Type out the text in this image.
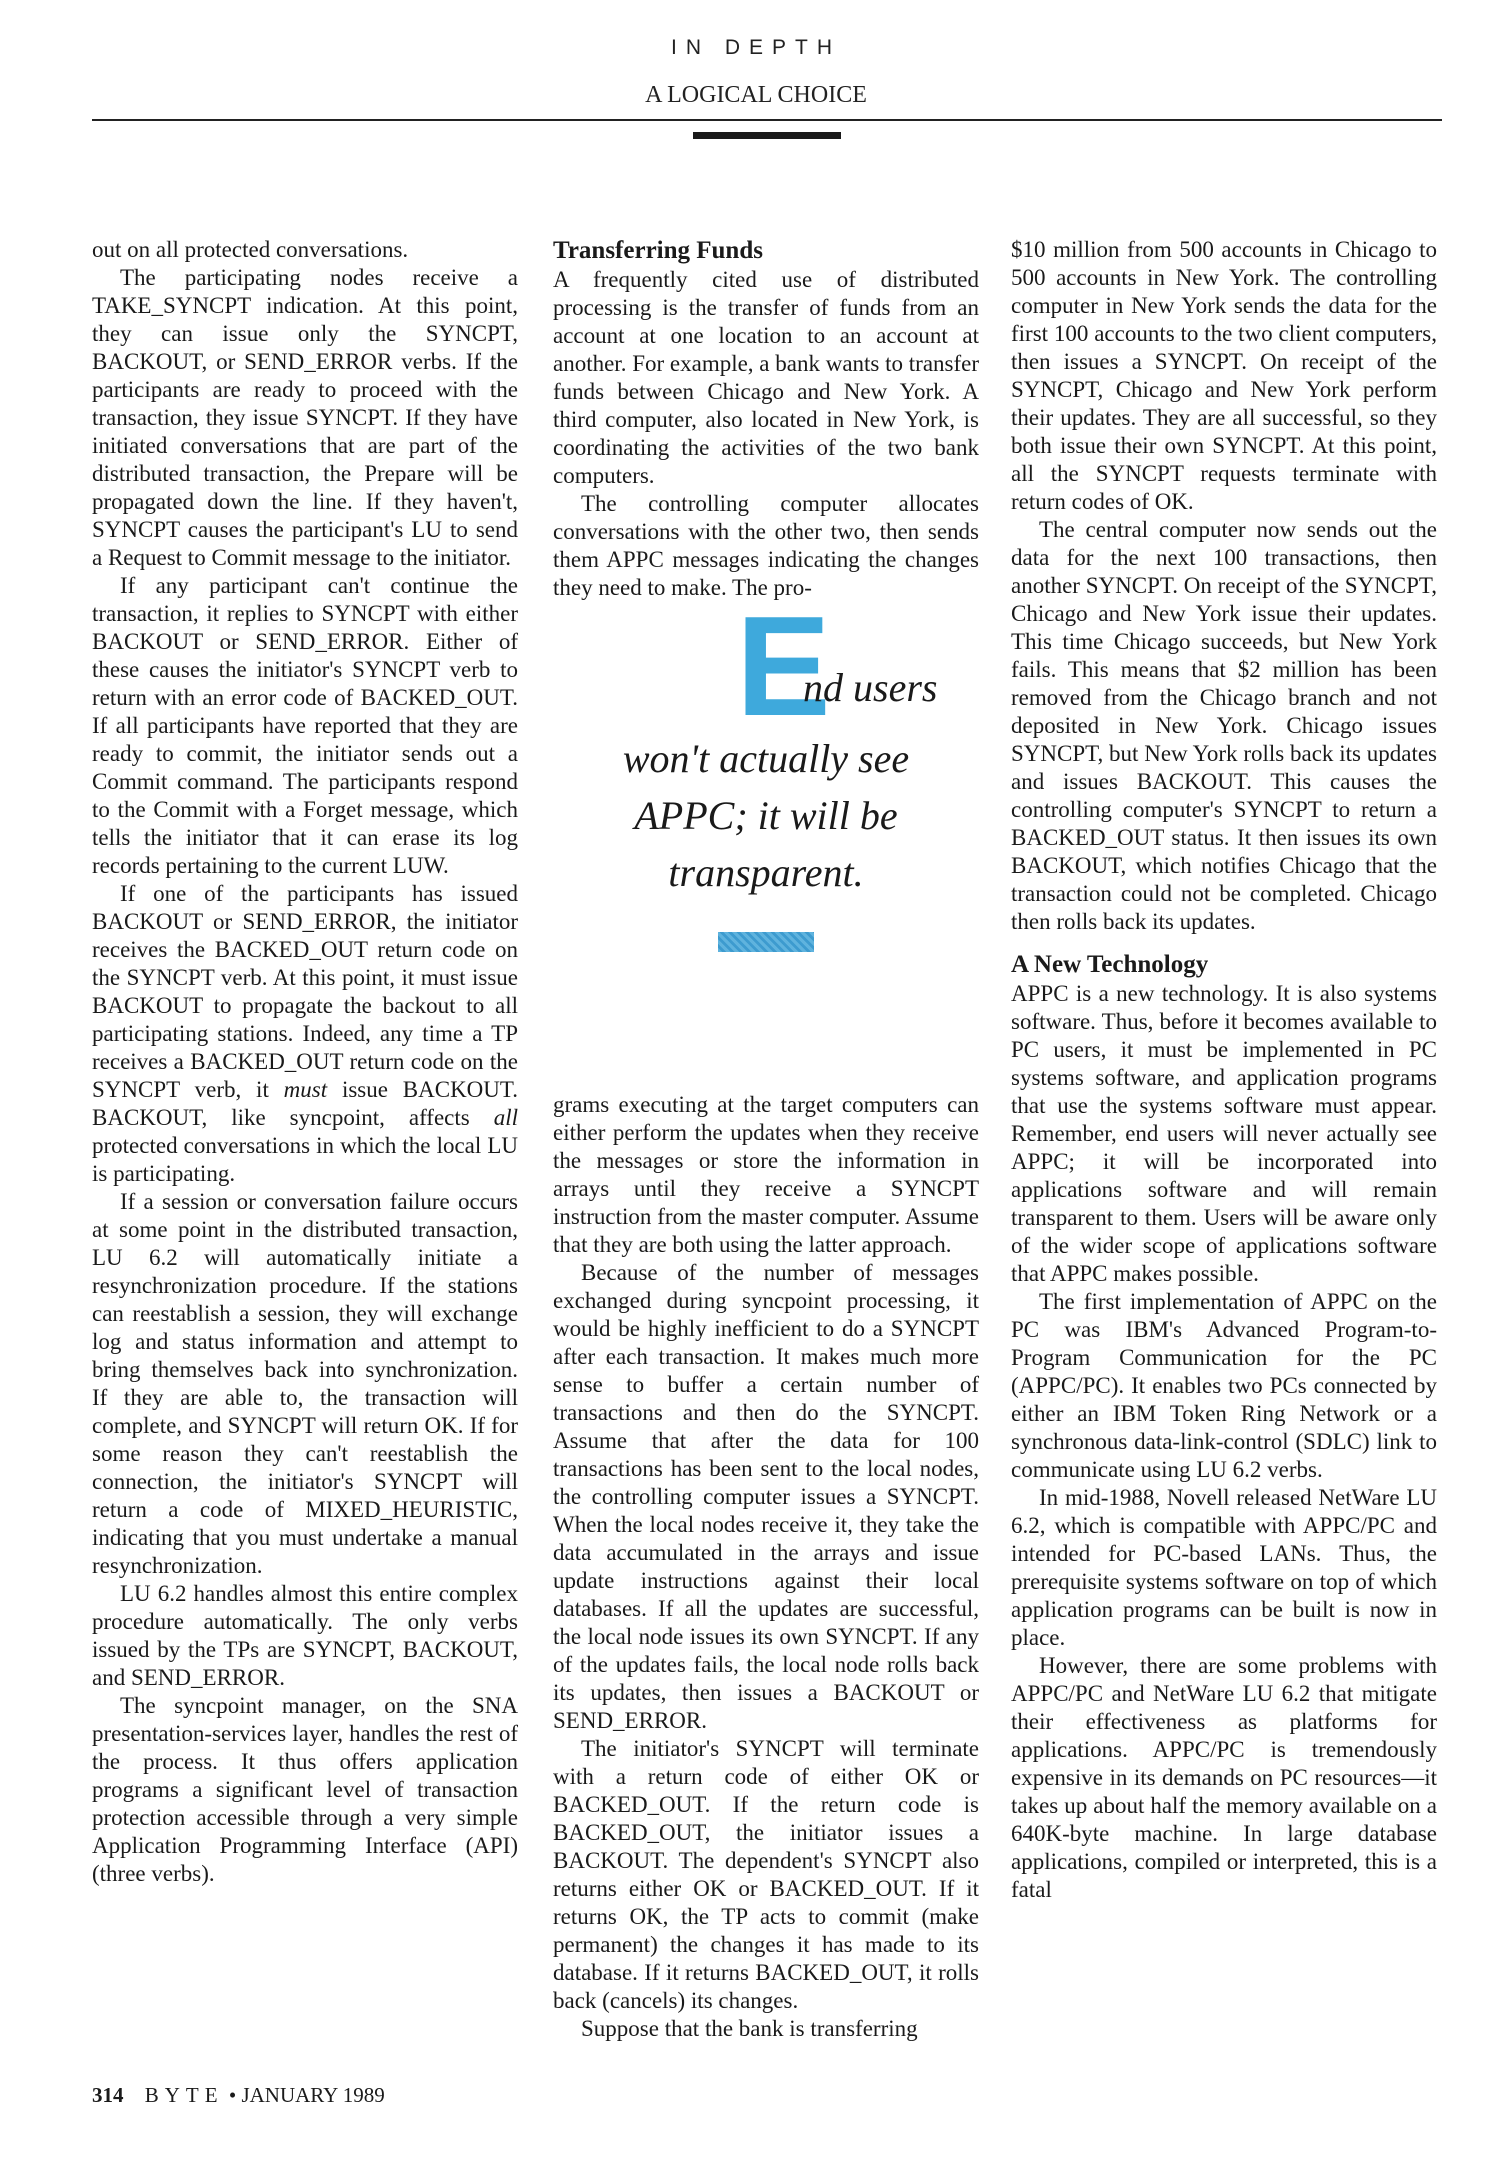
IN DEPTH
A LOGICAL CHOICE

out on all protected conversations.

The participating nodes receive a TAKE_SYNCPT indication. At this point, they can issue only the SYNCPT, BACKOUT, or SEND_ERROR verbs. If the participants are ready to proceed with the transaction, they issue SYNCPT. If they have initiated conversations that are part of the distributed transaction, the Prepare will be propagated down the line. If they haven't, SYNCPT causes the participant's LU to send a Request to Commit message to the initiator.

If any participant can't continue the transaction, it replies to SYNCPT with either BACKOUT or SEND_ERROR. Either of these causes the initiator's SYNCPT verb to return with an error code of BACKED_OUT. If all participants have reported that they are ready to commit, the initiator sends out a Commit command. The participants respond to the Commit with a Forget message, which tells the initiator that it can erase its log records pertaining to the current LUW.

If one of the participants has issued BACKOUT or SEND_ERROR, the initiator receives the BACKED_OUT return code on the SYNCPT verb. At this point, it must issue BACKOUT to propagate the backout to all participating stations. Indeed, any time a TP receives a BACKED_OUT return code on the SYNCPT verb, it must issue BACKOUT. BACKOUT, like syncpoint, affects all protected conversations in which the local LU is participating.

If a session or conversation failure occurs at some point in the distributed transaction, LU 6.2 will automatically initiate a resynchronization procedure. If the stations can reestablish a session, they will exchange log and status information and attempt to bring themselves back into synchronization. If they are able to, the transaction will complete, and SYNCPT will return OK. If for some reason they can't reestablish the connection, the initiator's SYNCPT will return a code of MIXED_HEURISTIC, indicating that you must undertake a manual resynchronization.

LU 6.2 handles almost this entire complex procedure automatically. The only verbs issued by the TPs are SYNCPT, BACKOUT, and SEND_ERROR.

The syncpoint manager, on the SNA presentation-services layer, handles the rest of the process. It thus offers application programs a significant level of transaction protection accessible through a very simple Application Programming Interface (API) (three verbs).

Transferring Funds

A frequently cited use of distributed processing is the transfer of funds from an account at one location to an account at another. For example, a bank wants to transfer funds between Chicago and New York. A third computer, also located in New York, is coordinating the activities of the two bank computers.

The controlling computer allocates conversations with the other two, then sends them APPC messages indicating the changes they need to make. The pro-

E
nd users
won't actually see
APPC; it will be
transparent.

grams executing at the target computers can either perform the updates when they receive the messages or store the information in arrays until they receive a SYNCPT instruction from the master computer. Assume that they are both using the latter approach.

Because of the number of messages exchanged during syncpoint processing, it would be highly inefficient to do a SYNCPT after each transaction. It makes much more sense to buffer a certain number of transactions and then do the SYNCPT. Assume that after the data for 100 transactions has been sent to the local nodes, the controlling computer issues a SYNCPT. When the local nodes receive it, they take the data accumulated in the arrays and issue update instructions against their local databases. If all the updates are successful, the local node issues its own SYNCPT. If any of the updates fails, the local node rolls back its updates, then issues a BACKOUT or SEND_ERROR.

The initiator's SYNCPT will terminate with a return code of either OK or BACKED_OUT. If the return code is BACKED_OUT, the initiator issues a BACKOUT. The dependent's SYNCPT also returns either OK or BACKED_OUT. If it returns OK, the TP acts to commit (make permanent) the changes it has made to its database. If it returns BACKED_OUT, it rolls back (cancels) its changes.

Suppose that the bank is transferring

$10 million from 500 accounts in Chicago to 500 accounts in New York. The controlling computer in New York sends the data for the first 100 accounts to the two client computers, then issues a SYNCPT. On receipt of the SYNCPT, Chicago and New York perform their updates. They are all successful, so they both issue their own SYNCPT. At this point, all the SYNCPT requests terminate with return codes of OK.

The central computer now sends out the data for the next 100 transactions, then another SYNCPT. On receipt of the SYNCPT, Chicago and New York issue their updates. This time Chicago succeeds, but New York fails. This means that $2 million has been removed from the Chicago branch and not deposited in New York. Chicago issues SYNCPT, but New York rolls back its updates and issues BACKOUT. This causes the controlling computer's SYNCPT to return a BACKED_OUT status. It then issues its own BACKOUT, which notifies Chicago that the transaction could not be completed. Chicago then rolls back its updates.

A New Technology

APPC is a new technology. It is also systems software. Thus, before it becomes available to PC users, it must be implemented in PC systems software, and application programs that use the systems software must appear. Remember, end users will never actually see APPC; it will be incorporated into applications software and will remain transparent to them. Users will be aware only of the wider scope of applications software that APPC makes possible.

The first implementation of APPC on the PC was IBM's Advanced Program-to-Program Communication for the PC (APPC/PC). It enables two PCs connected by either an IBM Token Ring Network or a synchronous data-link-control (SDLC) link to communicate using LU 6.2 verbs.

In mid-1988, Novell released NetWare LU 6.2, which is compatible with APPC/PC and intended for PC-based LANs. Thus, the prerequisite systems software on top of which application programs can be built is now in place.

However, there are some problems with APPC/PC and NetWare LU 6.2 that mitigate their effectiveness as platforms for applications. APPC/PC is tremendously expensive in its demands on PC resources—it takes up about half the memory available on a 640K-byte machine. In large database applications, compiled or interpreted, this is a fatal

314 BYTE • JANUARY 1989
